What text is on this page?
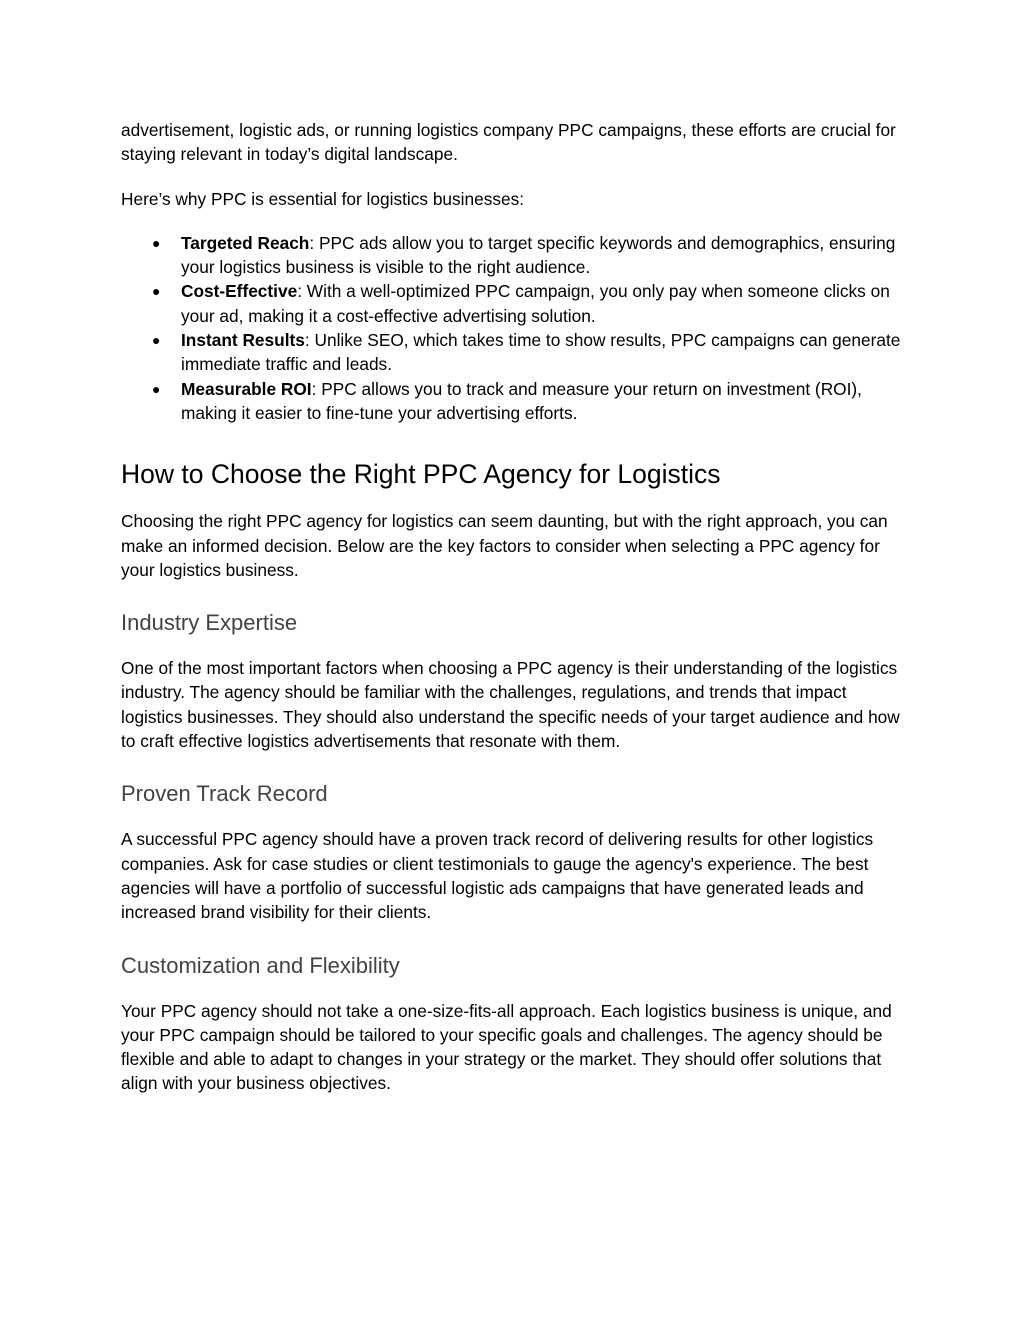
advertisement, logistic ads, or running logistics company PPC campaigns, these efforts are crucial for staying relevant in today’s digital landscape.

Here’s why PPC is essential for logistics businesses:

● Targeted Reach: PPC ads allow you to target specific keywords and demographics, ensuring your logistics business is visible to the right audience.
● Cost-Effective: With a well-optimized PPC campaign, you only pay when someone clicks on your ad, making it a cost-effective advertising solution.
● Instant Results: Unlike SEO, which takes time to show results, PPC campaigns can generate immediate traffic and leads.
● Measurable ROI: PPC allows you to track and measure your return on investment (ROI), making it easier to fine-tune your advertising efforts.
How to Choose the Right PPC Agency for Logistics

Choosing the right PPC agency for logistics can seem daunting, but with the right approach, you can make an informed decision. Below are the key factors to consider when selecting a PPC agency for your logistics business.

Industry Expertise

One of the most important factors when choosing a PPC agency is their understanding of the logistics industry. The agency should be familiar with the challenges, regulations, and trends that impact logistics businesses. They should also understand the specific needs of your target audience and how to craft effective logistics advertisements that resonate with them.

Proven Track Record

A successful PPC agency should have a proven track record of delivering results for other logistics companies. Ask for case studies or client testimonials to gauge the agency's experience. The best agencies will have a portfolio of successful logistic ads campaigns that have generated leads and increased brand visibility for their clients.

Customization and Flexibility

Your PPC agency should not take a one-size-fits-all approach. Each logistics business is unique, and your PPC campaign should be tailored to your specific goals and challenges. The agency should be flexible and able to adapt to changes in your strategy or the market. They should offer solutions that align with your business objectives.
